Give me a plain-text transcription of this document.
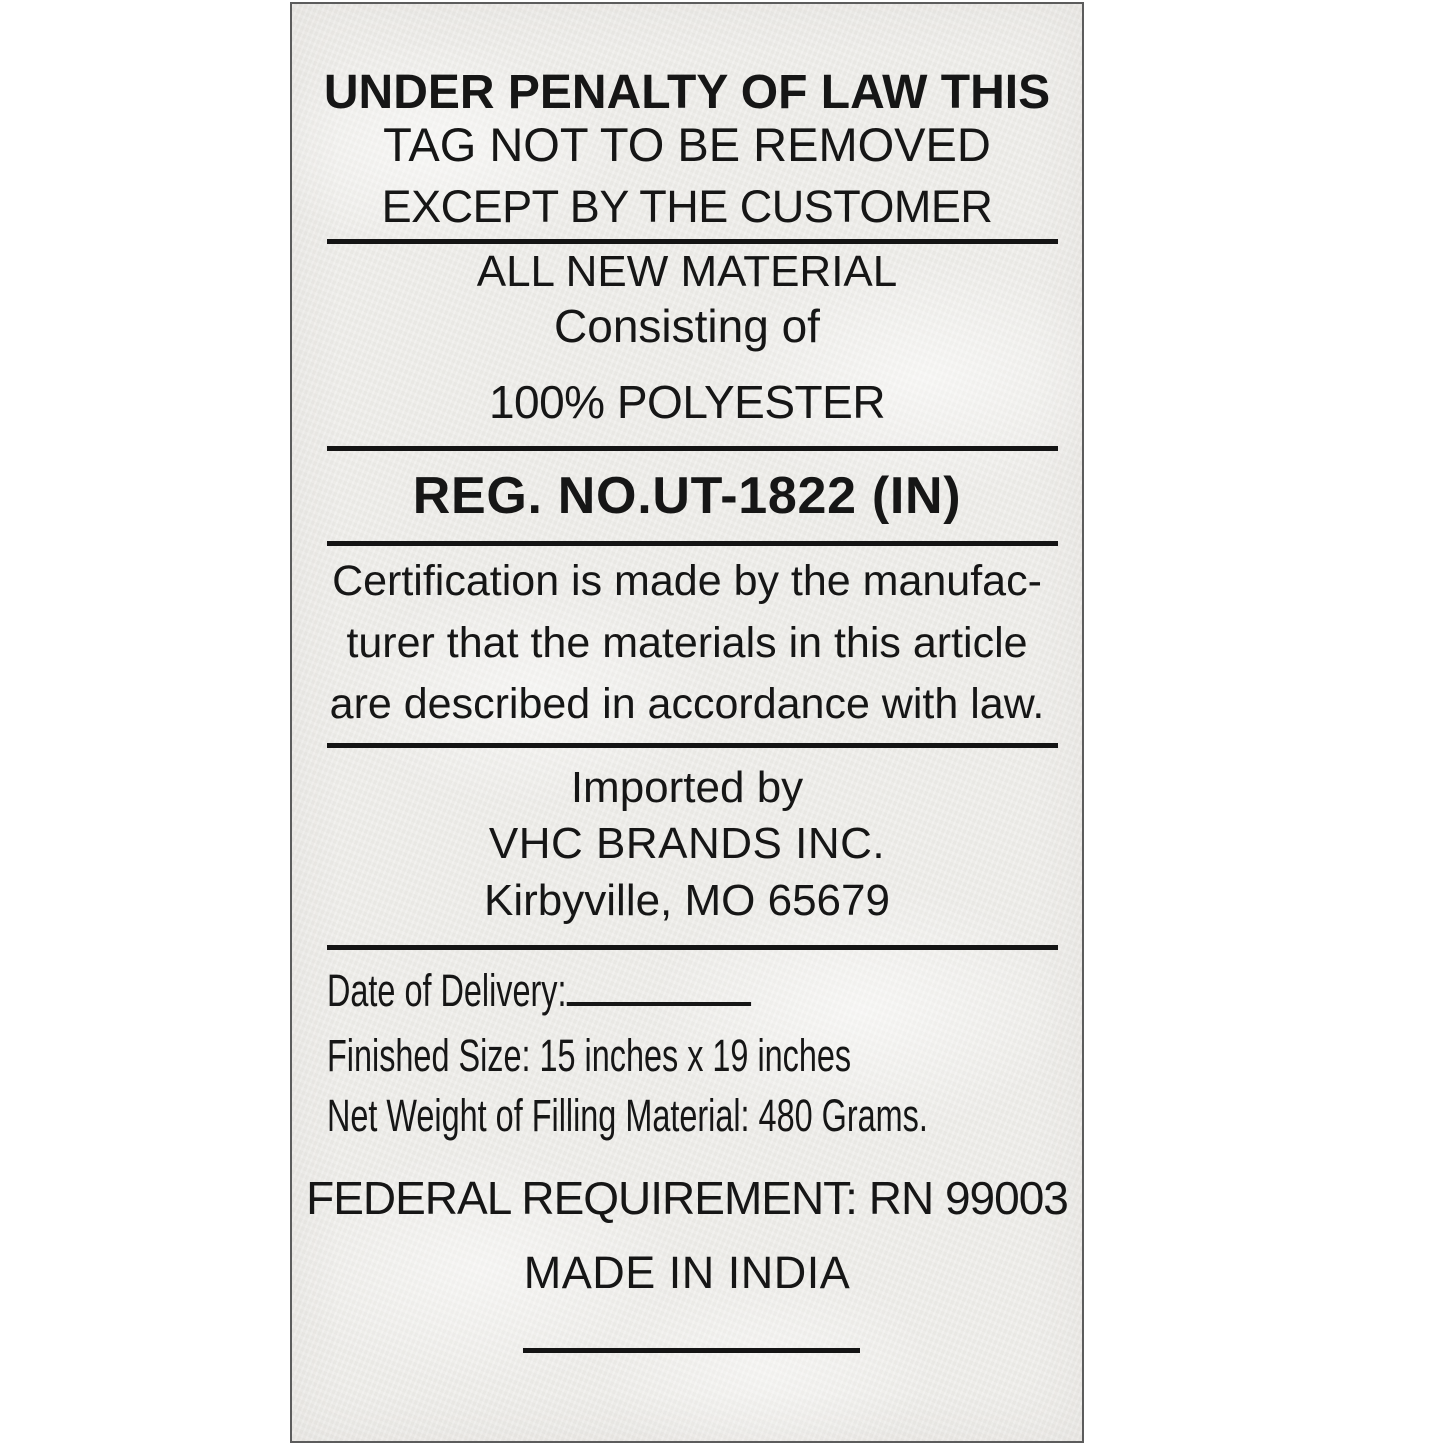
UNDER PENALTY OF LAW THIS
TAG NOT TO BE REMOVED
EXCEPT BY THE CUSTOMER
ALL NEW MATERIAL
Consisting of
100% POLYESTER
REG. NO.UT-1822 (IN)
Certification is made by the manufac-
turer that the materials in this article
are described in accordance with law.
Imported by
VHC BRANDS INC.
Kirbyville, MO 65679
Date of Delivery:
Finished Size: 15 inches x 19 inches
Net Weight of Filling Material: 480 Grams.
FEDERAL REQUIREMENT: RN 99003
MADE IN INDIA
